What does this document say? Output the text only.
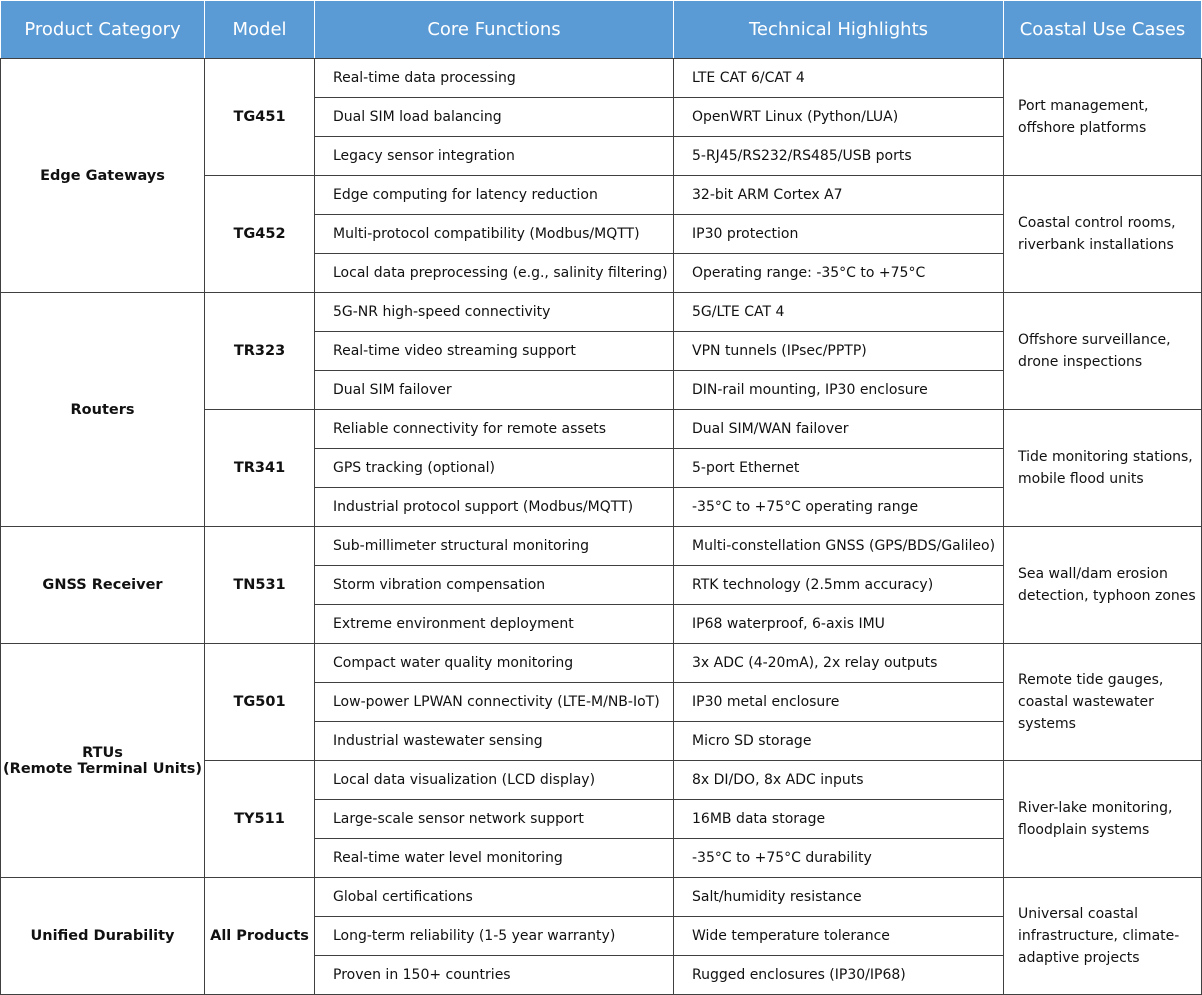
Product Category	Model	Core Functions	Technical Highlights	Coastal Use Cases

Edge Gateways	TG451	Real-time data processing	LTE CAT 6/CAT 4	Port management,
offshore platforms

		Dual SIM load balancing	OpenWRT Linux (Python/LUA)	
		Legacy sensor integration	5-RJ45/RS232/RS485/USB ports	
	TG452	Edge computing for latency reduction	32-bit ARM Cortex A7	Coastal control rooms,
riverbank installations

		Multi-protocol compatibility (Modbus/MQTT)	IP30 protection	
		Local data preprocessing (e.g., salinity filtering)	Operating range: -35°C to +75°C	

Routers	TR323	5G-NR high-speed connectivity	5G/LTE CAT 4	Offshore surveillance,
drone inspections

		Real-time video streaming support	VPN tunnels (IPsec/PPTP)	
		Dual SIM failover	DIN-rail mounting, IP30 enclosure	
	TR341	Reliable connectivity for remote assets	Dual SIM/WAN failover	Tide monitoring stations,
mobile flood units

		GPS tracking (optional)	5-port Ethernet	
		Industrial protocol support (Modbus/MQTT)	-35°C to +75°C operating range	

GNSS Receiver	TN531	Sub-millimeter structural monitoring	Multi-constellation GNSS (GPS/BDS/Galileo)	Sea wall/dam erosion
detection, typhoon zones

		Storm vibration compensation	RTK technology (2.5mm accuracy)	
		Extreme environment deployment	IP68 waterproof, 6-axis IMU	

RTUs
(Remote Terminal Units)	TG501	Compact water quality monitoring	3x ADC (4-20mA), 2x relay outputs	Remote tide gauges,
coastal wastewater
systems

		Low-power LPWAN connectivity (LTE-M/NB-IoT)	IP30 metal enclosure	
		Industrial wastewater sensing	Micro SD storage	
	TY511	Local data visualization (LCD display)	8x DI/DO, 8x ADC inputs	River-lake monitoring,
floodplain systems

		Large-scale sensor network support	16MB data storage	
		Real-time water level monitoring	-35°C to +75°C durability	

Unified Durability	All Products	Global certifications	Salt/humidity resistance	Universal coastal
infrastructure, climate-
adaptive projects

		Long-term reliability (1-5 year warranty)	Wide temperature tolerance	
		Proven in 150+ countries	Rugged enclosures (IP30/IP68)	
